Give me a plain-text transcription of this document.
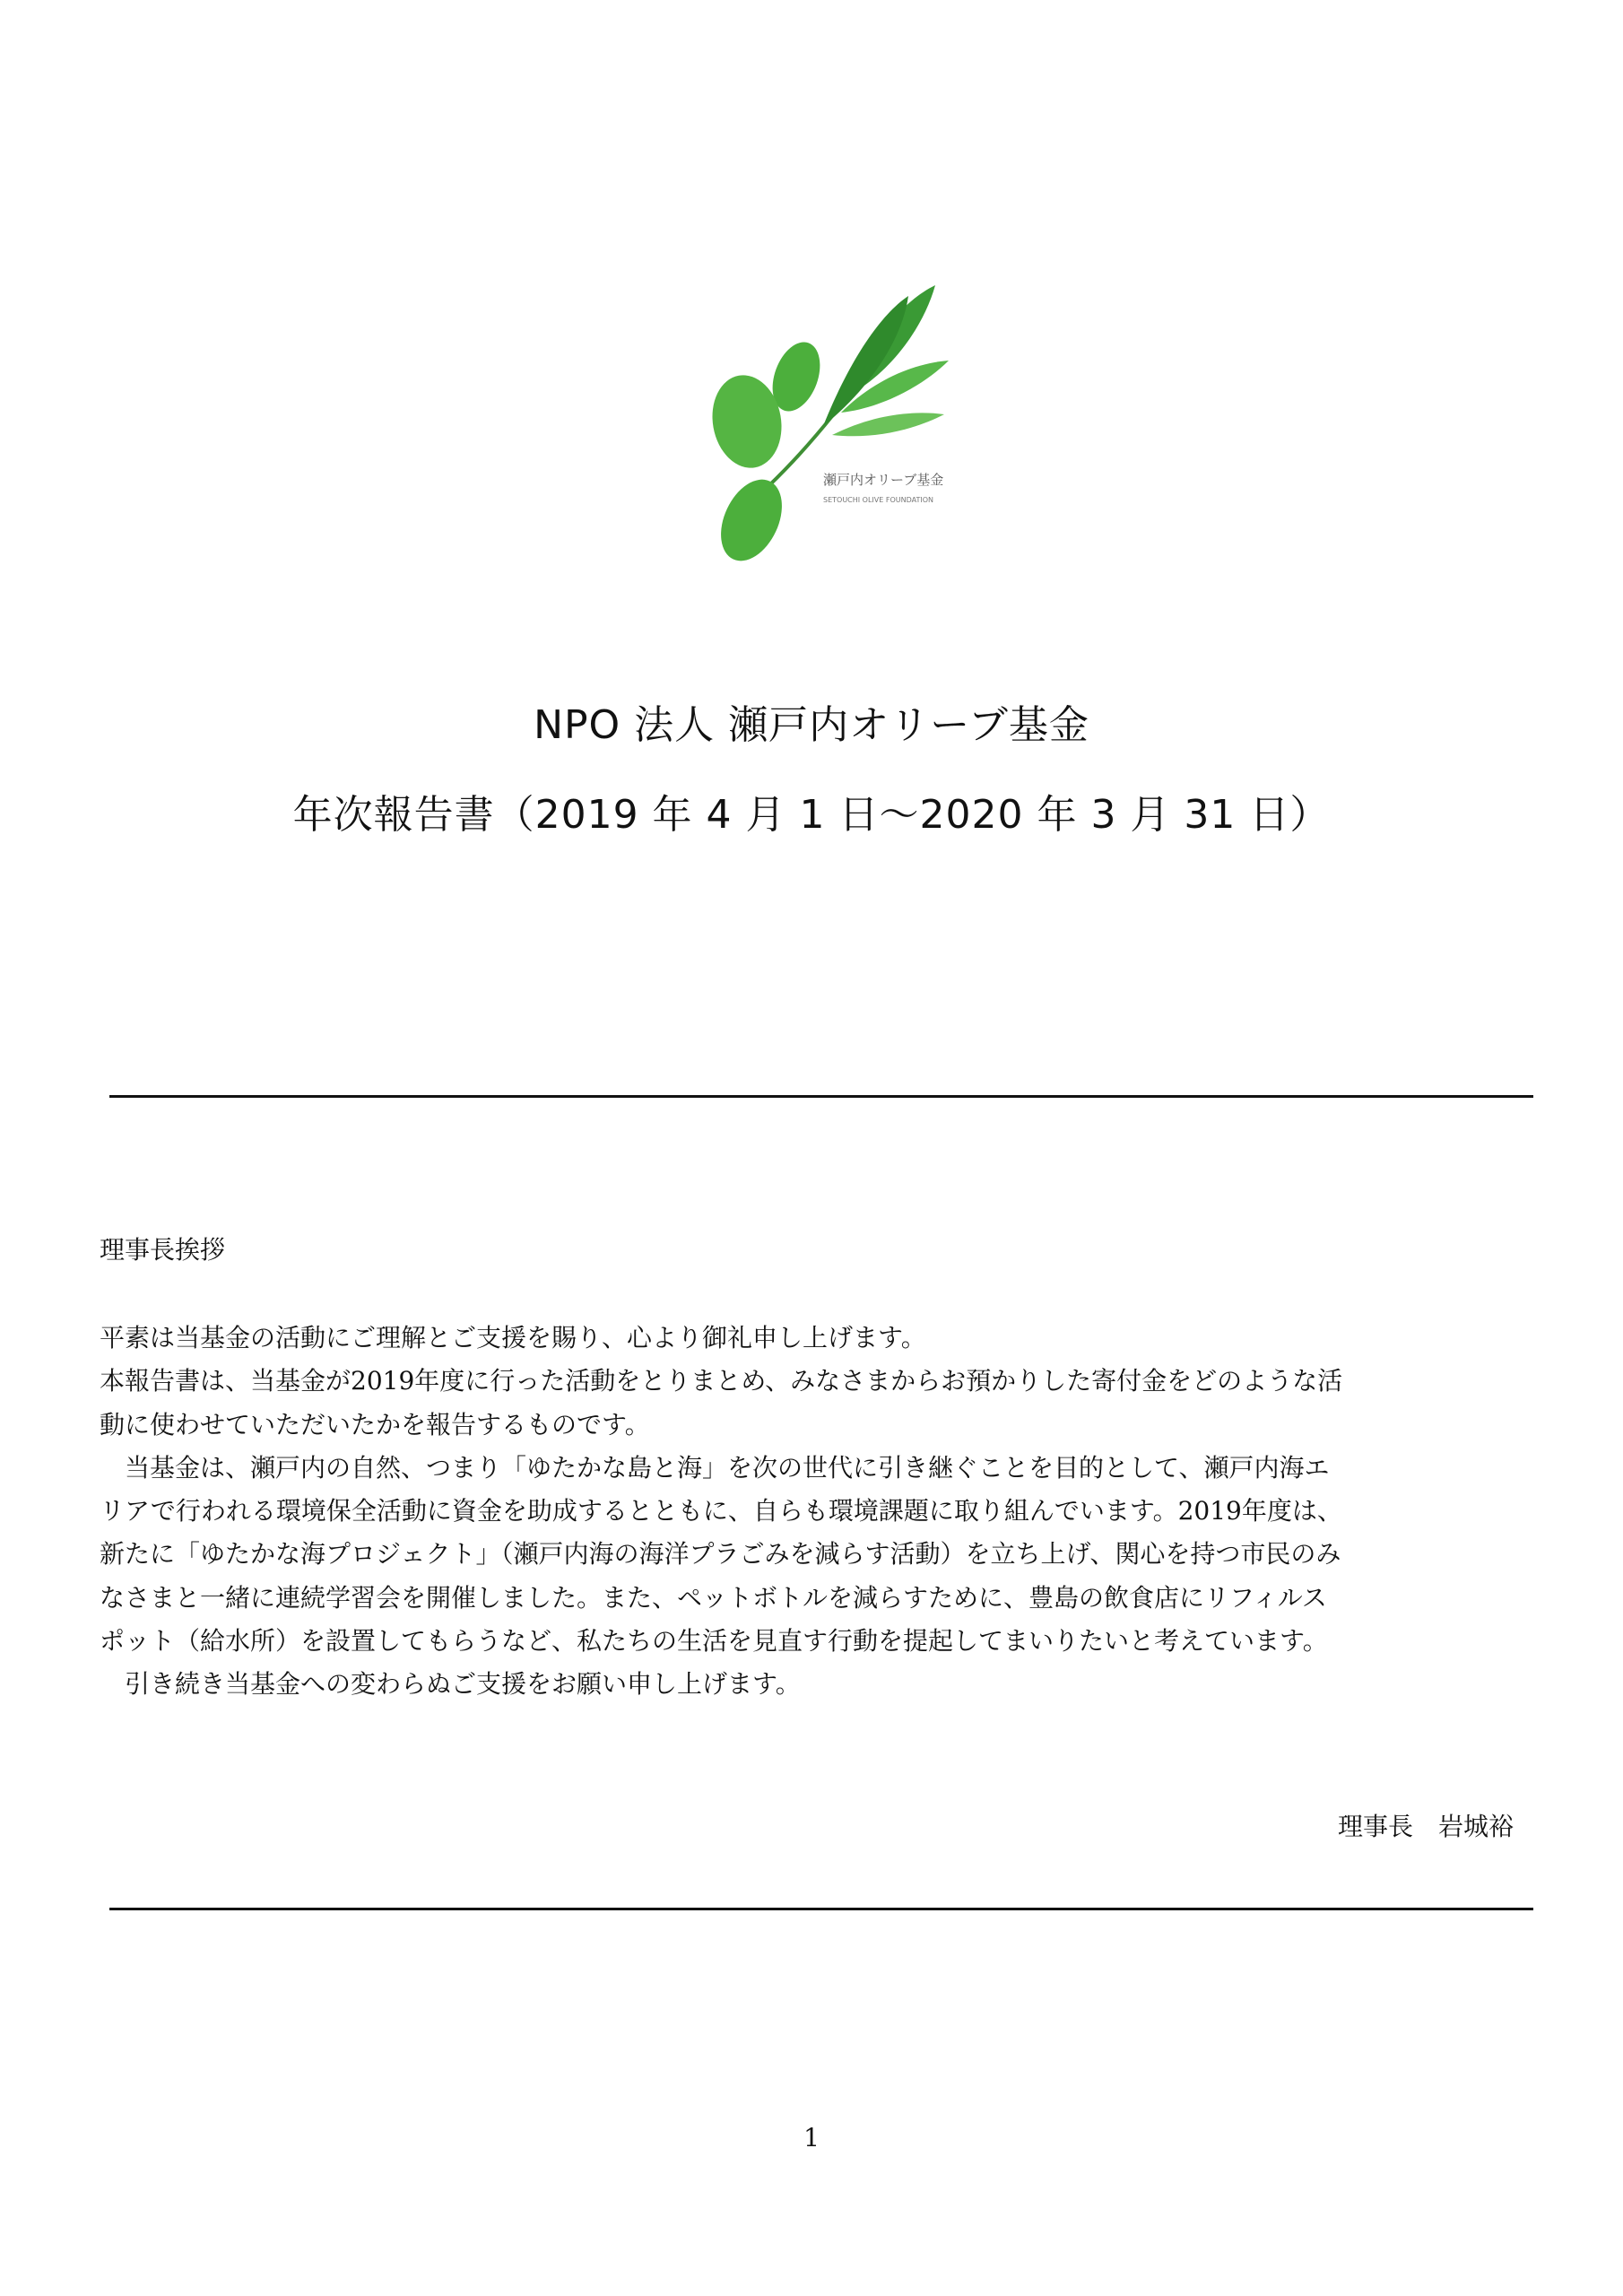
瀬戸内オリーブ基金
SETOUCHI OLIVE FOUNDATION
NPO 法人 瀬戸内オリーブ基金
年次報告書（2019 年 4 月 1 日～2020 年 3 月 31 日）
理事長挨拶

平素は当基金の活動にご理解とご支援を賜り、心より御礼申し上げます。

本報告書は、当基金が2019年度に行った活動をとりまとめ、みなさまからお預かりした寄付金をどのような活

動に使わせていただいたかを報告するものです。

　当基金は、瀬戸内の自然、つまり「ゆたかな島と海」を次の世代に引き継ぐことを目的として、瀬戸内海エ

リアで行われる環境保全活動に資金を助成するとともに、自らも環境課題に取り組んでいます。2019年度は、

新たに「ゆたかな海プロジェクト」（瀬戸内海の海洋プラごみを減らす活動）を立ち上げ、関心を持つ市民のみ

なさまと一緒に連続学習会を開催しました。また、ペットボトルを減らすために、豊島の飲食店にリフィルス

ポット（給水所）を設置してもらうなど、私たちの生活を見直す行動を提起してまいりたいと考えています。

　引き続き当基金への変わらぬご支援をお願い申し上げます。

理事長　岩城裕
1
